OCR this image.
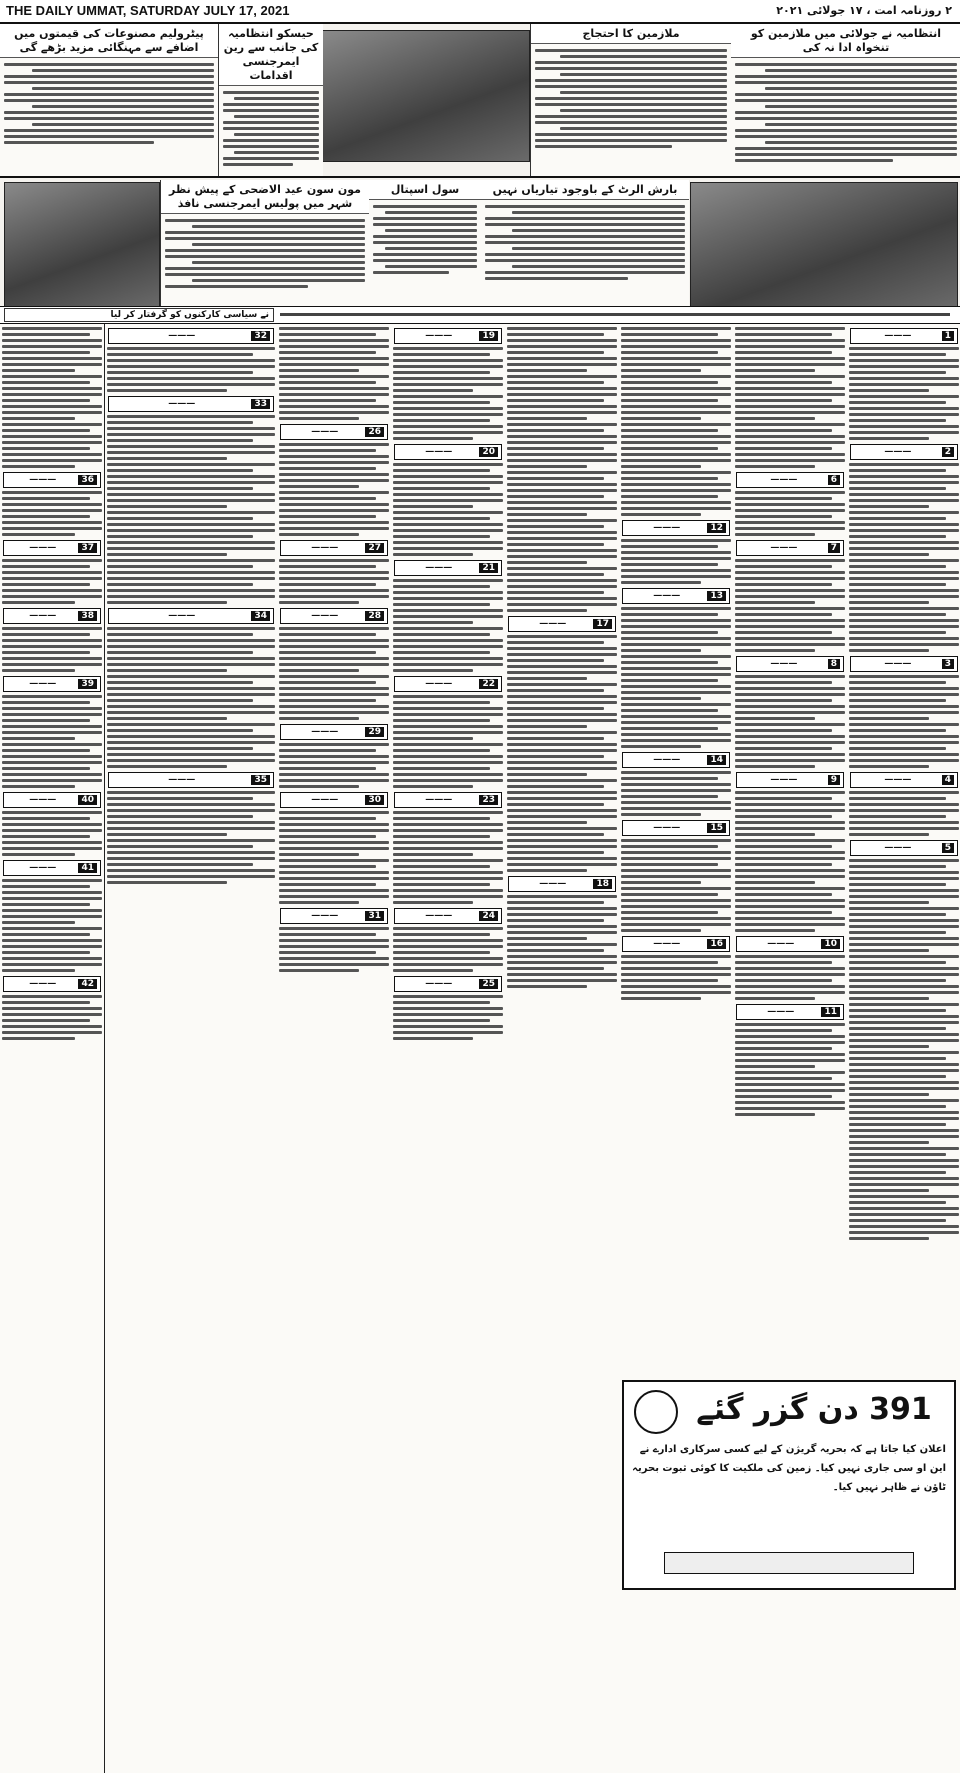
THE DAILY UMMAT, SATURDAY JULY 17, 2021	۲ روزنامہ امت ، ۱۷ جولائی ۲۰۲۱
انتظامیہ نے جولائی میں ملازمین کو تنخواہ ادا نہ کی
ملازمین کا احتجاج
حیسکو انتظامیہ کی جانب سے رین ایمرجنسی اقدامات
پیٹرولیم مصنوعات کی قیمتوں میں اضافے سے مہنگائی مزید بڑھے گی
بارش الرٹ کے باوجود تیاریاں نہیں
سول اسپتال
مون سون عید الاضحی کے پیش نظر شہر میں پولیس ایمرجنسی نافذ
نے سیاسی کارکنوں کو گرفتار کر لیا
1
———
2
———
3
———
4
———
5
———
6
———
7
———
8
———
9
———
10
———
11
———
12
———
13
———
14
———
15
———
16
———
17
———
18
———
19
———
20
———
21
———
22
———
23
———
24
———
25
———
26
———
27
———
28
———
29
———
30
———
31
———
32
———
33
———
34
———
35
———
36
———
37
———
38
———
39
———
40
———
41
———
42
———
391 دن گزر گئے
اعلان کیا جاتا ہے کہ بحریہ گریژن کے لیے کسی سرکاری ادارے نے این او سی جاری نہیں کیا۔ زمین کی ملکیت کا کوئی ثبوت بحریہ ٹاؤن نے ظاہر نہیں کیا۔
